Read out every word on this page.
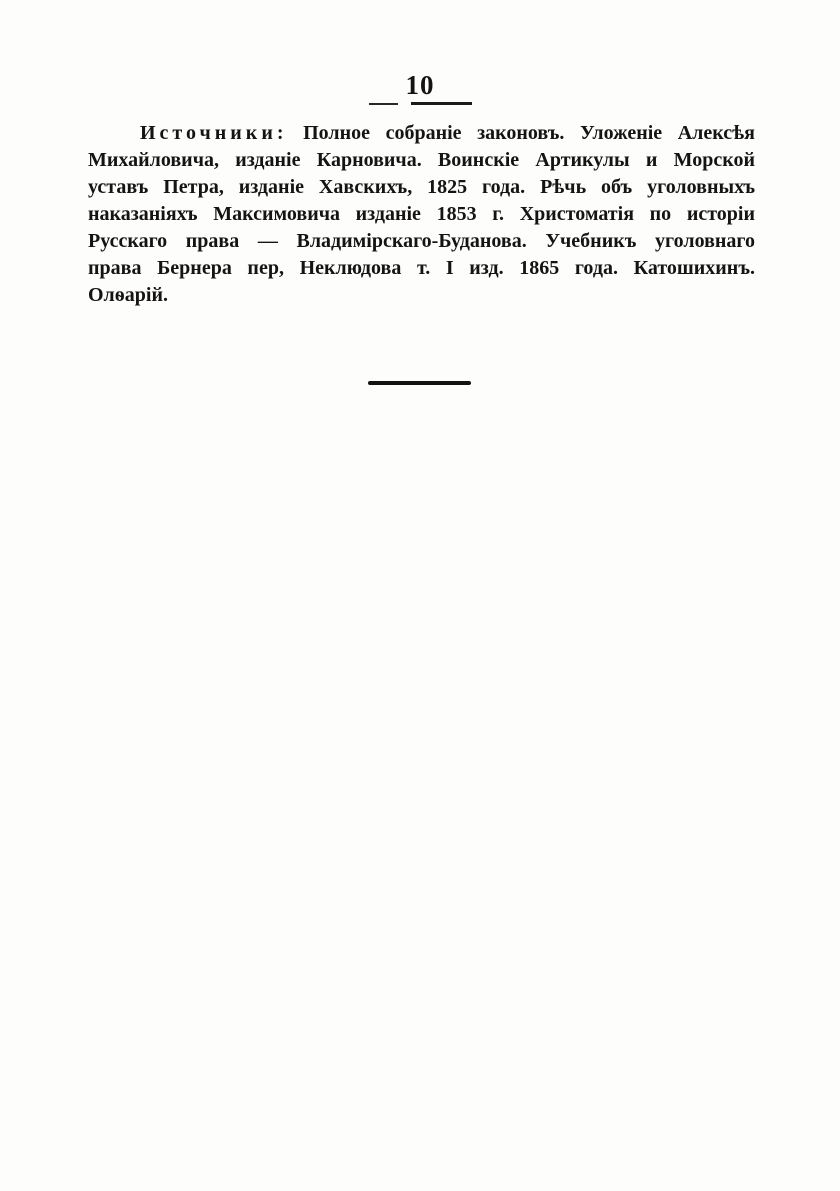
10
Источники: Полное собраніе законовъ. Уложеніе Алексѣя
Михайловича, изданіе Карновича. Воинскіе Артикулы и Морской
уставъ Петра, изданіе Хавскихъ, 1825 года. Рѣчь объ уголовныхъ
наказаніяхъ Максимовича изданіе 1853 г. Христоматія по исторіи
Русскаго права — Владимірскаго-Буданова. Учебникъ уголовнаго
права Бернера пер, Неклюдова т. I изд. 1865 года. Катошихинъ.
Олѳарій.
